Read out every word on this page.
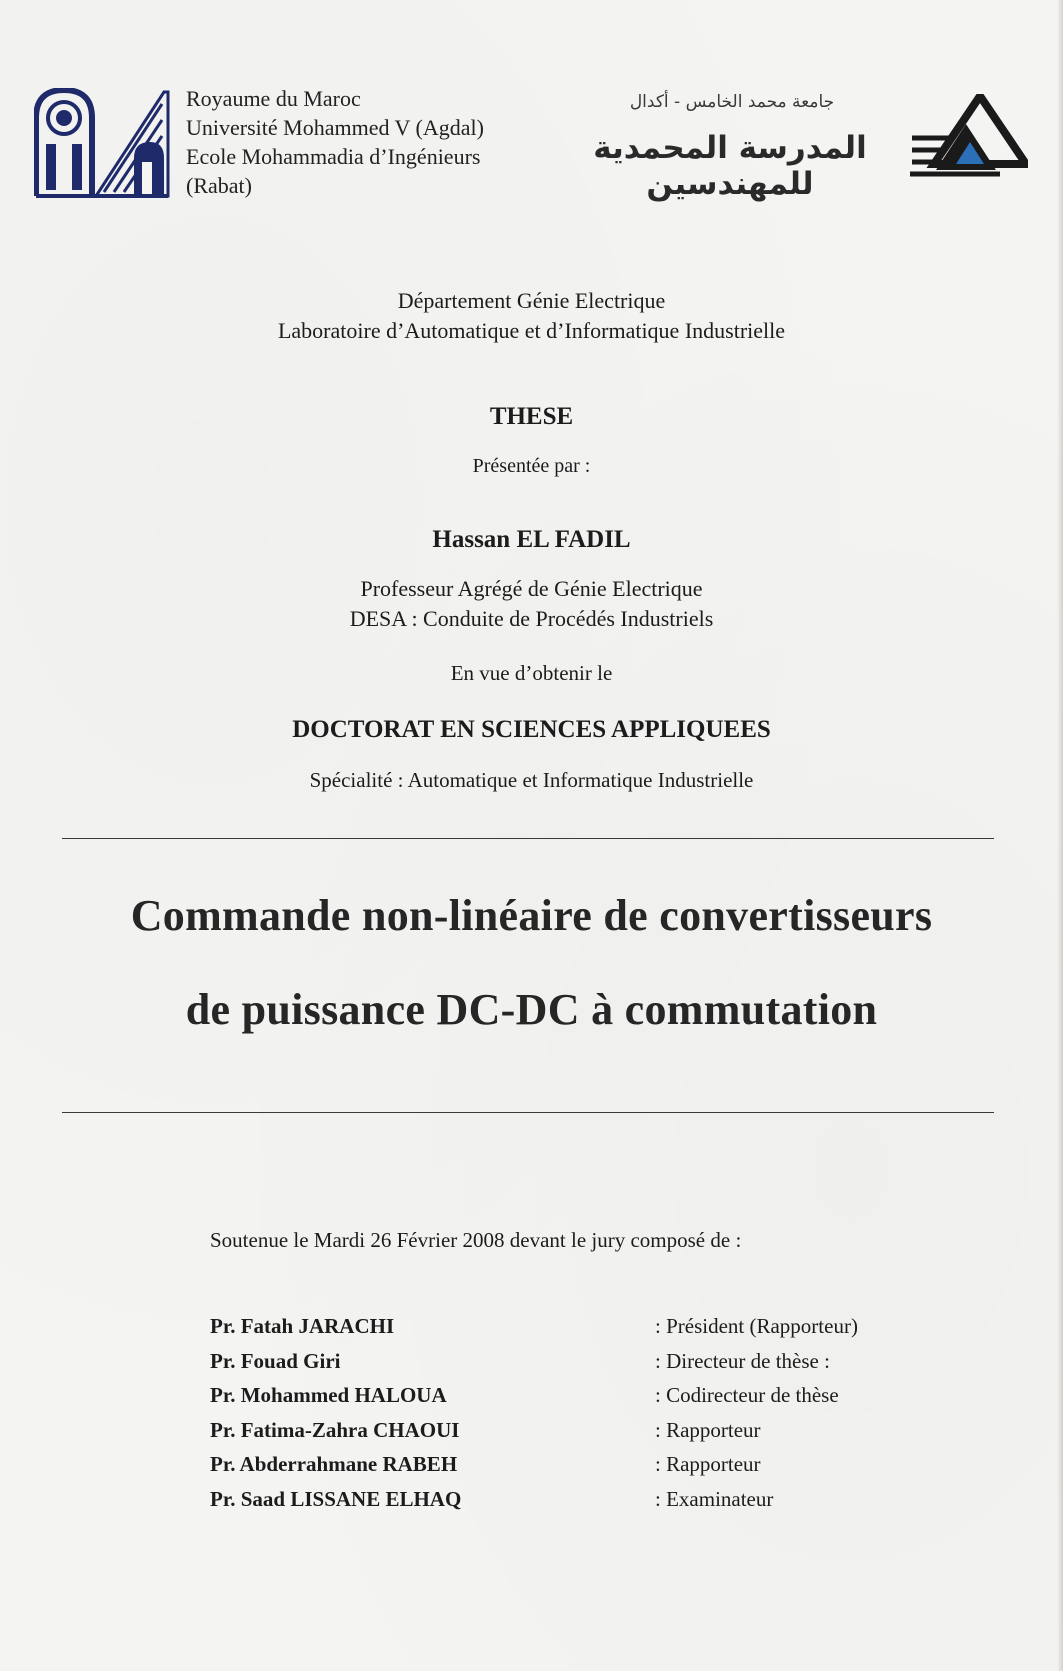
Royaume du Maroc
Université Mohammed V (Agdal)
Ecole Mohammadia d’Ingénieurs
(Rabat)
جامعة محمد الخامس - أكدال
المدرسة المحمدية للمهندسين
Département Génie Electrique
Laboratoire d’Automatique et d’Informatique Industrielle
THESE
Présentée par :
Hassan EL FADIL
Professeur Agrégé de Génie Electrique
DESA : Conduite de Procédés Industriels
En vue d’obtenir le
DOCTORAT EN SCIENCES APPLIQUEES
Spécialité : Automatique et Informatique Industrielle
Commande non-linéaire de convertisseurs
de puissance DC-DC à commutation
Soutenue le Mardi 26 Février 2008 devant le jury composé de :
Pr. Fatah JARACHI	: Président (Rapporteur)
Pr. Fouad Giri	: Directeur de thèse :
Pr. Mohammed HALOUA	: Codirecteur de thèse
Pr. Fatima-Zahra CHAOUI	: Rapporteur
Pr. Abderrahmane RABEH	: Rapporteur
Pr. Saad LISSANE ELHAQ	: Examinateur
